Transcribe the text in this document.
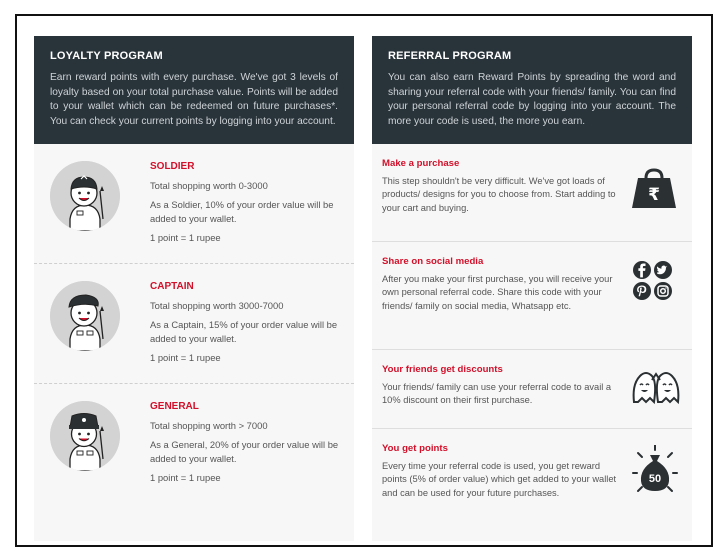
LOYALTY PROGRAM

Earn reward points with every purchase. We've got 3 levels of loyalty based on your total purchase value. Points will be added to your wallet which can be redeemed on future purchases*. You can check your current points by logging into your account.

SOLDIER
Total shopping worth 0-3000
As a Soldier, 10% of your order value will be added to your wallet.
1 point = 1 rupee
CAPTAIN
Total shopping worth 3000-7000
As a Captain, 15% of your order value will be added to your wallet.
1 point = 1 rupee
GENERAL
Total shopping worth > 7000
As a General, 20% of your order value will be added to your wallet.
1 point = 1 rupee
REFERRAL PROGRAM

You can also earn Reward Points by spreading the word and sharing your referral code with your friends/ family. You can find your personal referral code by logging into your account. The more your code is used, the more you earn.

Make a purchase
This step shouldn't be very difficult. We've got loads of products/ designs for you to choose from. Start adding to your cart and buying.
₹
Share on social media
After you make your first purchase, you will receive your own personal referral code. Share this code with your friends/ family on social media, Whatsapp etc.
Your friends get discounts
Your friends/ family can use your referral code to avail a 10% discount on their first purchase.
You get points
Every time your referral code is used, you get reward points (5% of order value) which get added to your wallet and can be used for your future purchases.
50
